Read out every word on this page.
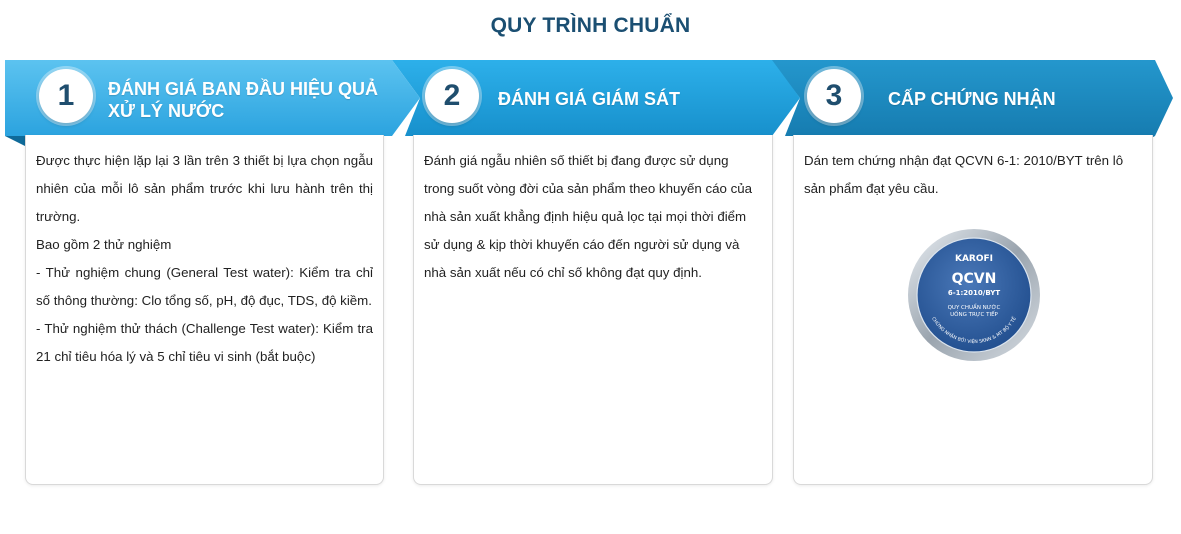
QUY TRÌNH CHUẨN
1	ĐÁNH GIÁ BAN ĐẦU HIỆU QUẢ
XỬ LÝ NƯỚC	2	ĐÁNH GIÁ GIÁM SÁT	3	CẤP CHỨNG NHẬN

Được thực hiện lặp lại 3 lần trên 3 thiết bị lựa chọn ngẫu nhiên của mỗi lô sản phẩm trước khi lưu hành trên thị trường.

Bao gồm 2 thử nghiệm

- Thử nghiệm chung (General Test water): Kiểm tra chỉ số thông thường: Clo tổng số, pH, độ đục, TDS, độ kiềm.

- Thử nghiệm thử thách (Challenge Test water): Kiểm tra 21 chỉ tiêu hóa lý và 5 chỉ tiêu vi sinh (bắt buộc)

Đánh giá ngẫu nhiên số thiết bị đang được sử dụng

trong suốt vòng đời của sản phẩm theo khuyến cáo của

nhà sản xuất khẳng định hiệu quả lọc tại mọi thời điểm

sử dụng & kịp thời khuyến cáo đến người sử dụng và

nhà sản xuất nếu có chỉ số không đạt quy định.

Dán tem chứng nhận đạt QCVN 6-1: 2010/BYT trên lô

sản phẩm đạt yêu cầu.

KAROFI
QCVN
6-1:2010/BYT
QUY CHUẨN NƯỚC
UỐNG TRỰC TIẾP
CHỨNG NHẬN BỞI VIỆN SKNN & MT BỘ Y TẾ
